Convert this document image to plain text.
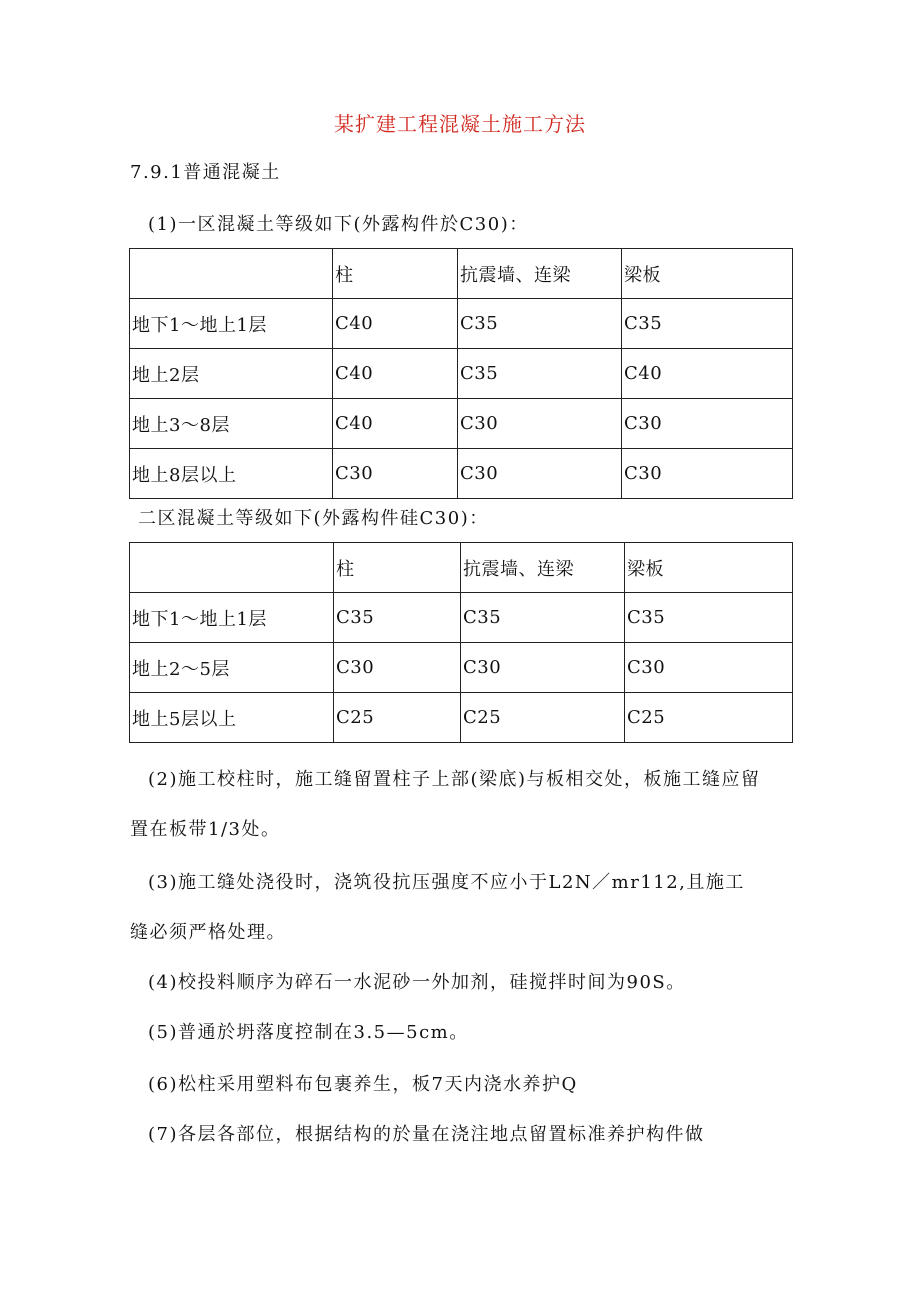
某扩建工程混凝土施工方法
7.9.1普通混凝土
(1)一区混凝土等级如下(外露构件於C30)：
	柱	抗震墙、连梁	梁板
地下1～地上1层	C40	C35	C35
地上2层	C40	C35	C40
地上3～8层	C40	C30	C30
地上8层以上	C30	C30	C30
二区混凝土等级如下(外露构件硅C30)：
	柱	抗震墙、连梁	梁板
地下1～地上1层	C35	C35	C35
地上2～5层	C30	C30	C30
地上5层以上	C25	C25	C25
(2)施工校柱时，施工缝留置柱子上部(梁底)与板相交处，板施工缝应留
置在板带1/3处。
(3)施工缝处浇役时，浇筑役抗压强度不应小于L2N／mr112,且施工
缝必须严格处理。
(4)校投料顺序为碎石一水泥砂一外加剂，硅搅拌时间为90S。
(5)普通於坍落度控制在3.5—5cm。
(6)松柱采用塑料布包裹养生，板7天内浇水养护Q
(7)各层各部位，根据结构的於量在浇注地点留置标准养护构件做
